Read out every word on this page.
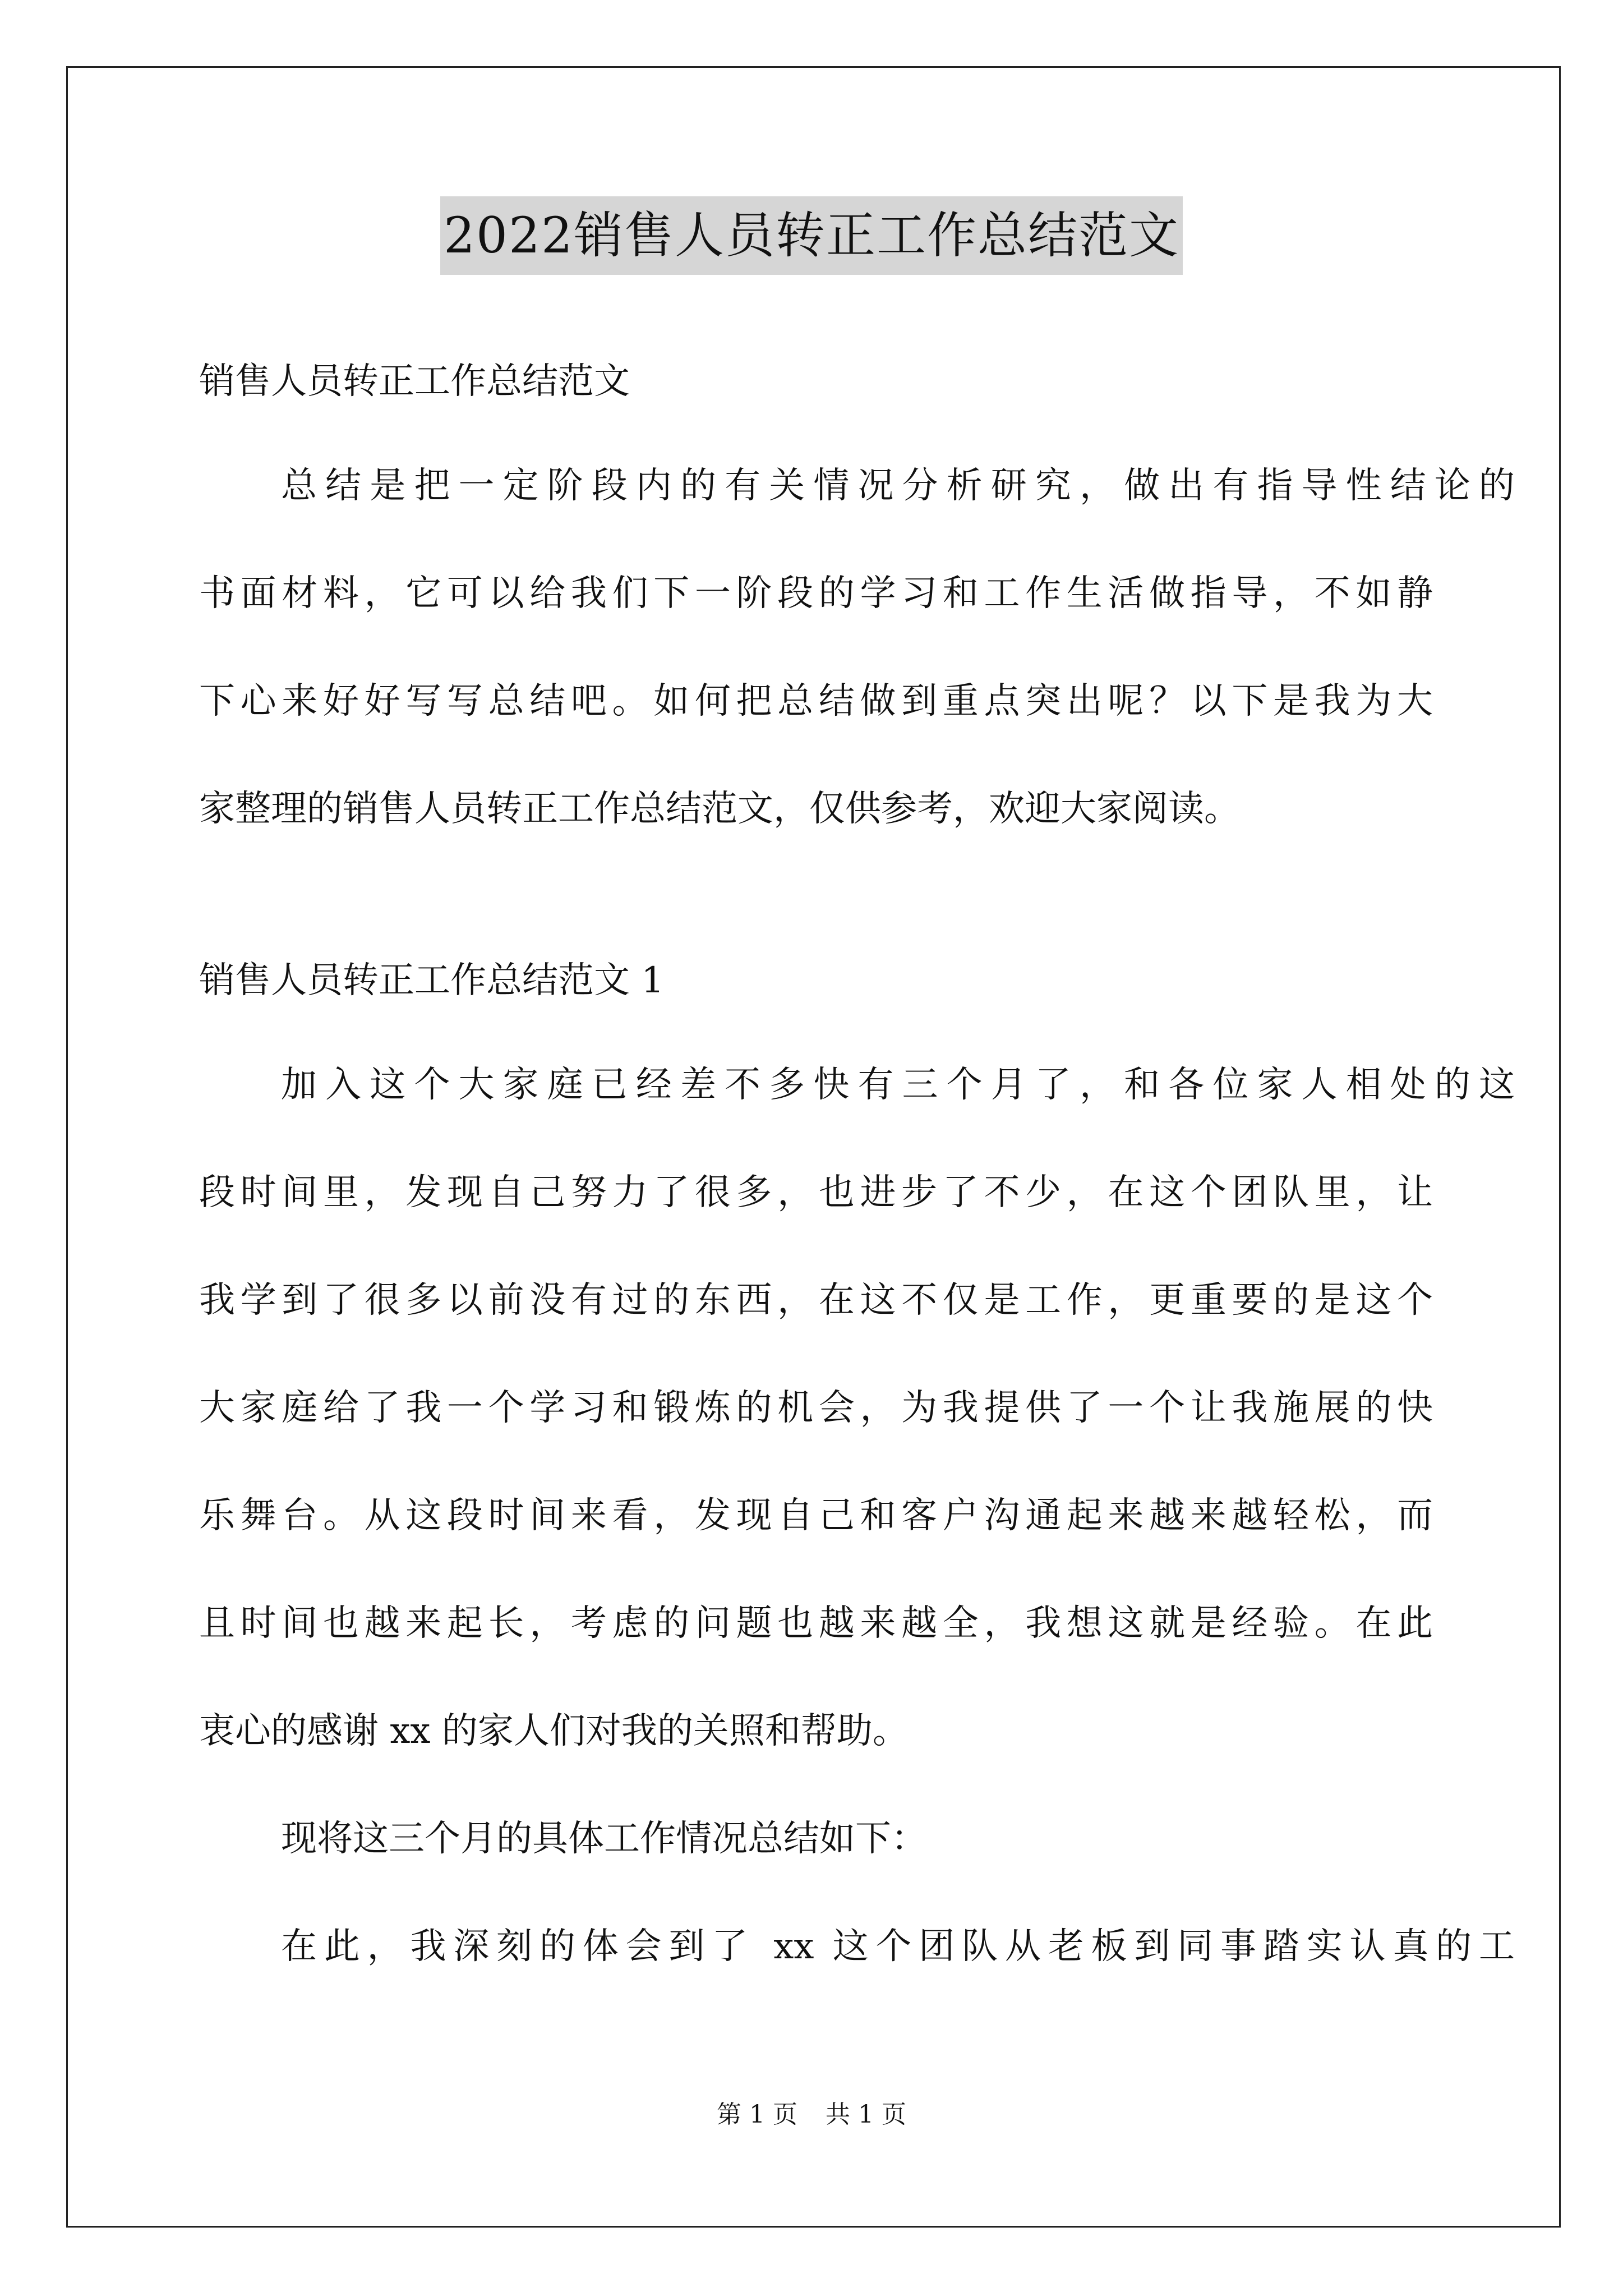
2022销售人员转正工作总结范文
销售人员转正工作总结范文
总结是把一定阶段内的有关情况分析研究，做出有指导性结论的
书面材料，它可以给我们下一阶段的学习和工作生活做指导，不如静
下心来好好写写总结吧。如何把总结做到重点突出呢？以下是我为大
家整理的销售人员转正工作总结范文，仅供参考，欢迎大家阅读。
销售人员转正工作总结范文 1
加入这个大家庭已经差不多快有三个月了，和各位家人相处的这
段时间里，发现自己努力了很多，也进步了不少，在这个团队里，让
我学到了很多以前没有过的东西，在这不仅是工作，更重要的是这个
大家庭给了我一个学习和锻炼的机会，为我提供了一个让我施展的快
乐舞台。从这段时间来看，发现自己和客户沟通起来越来越轻松，而
且时间也越来起长，考虑的问题也越来越全，我想这就是经验。在此
衷心的感谢 xx 的家人们对我的关照和帮助。
现将这三个月的具体工作情况总结如下：
在此，我深刻的体会到了 xx 这个团队从老板到同事踏实认真的工
第 1 页 共 1 页
